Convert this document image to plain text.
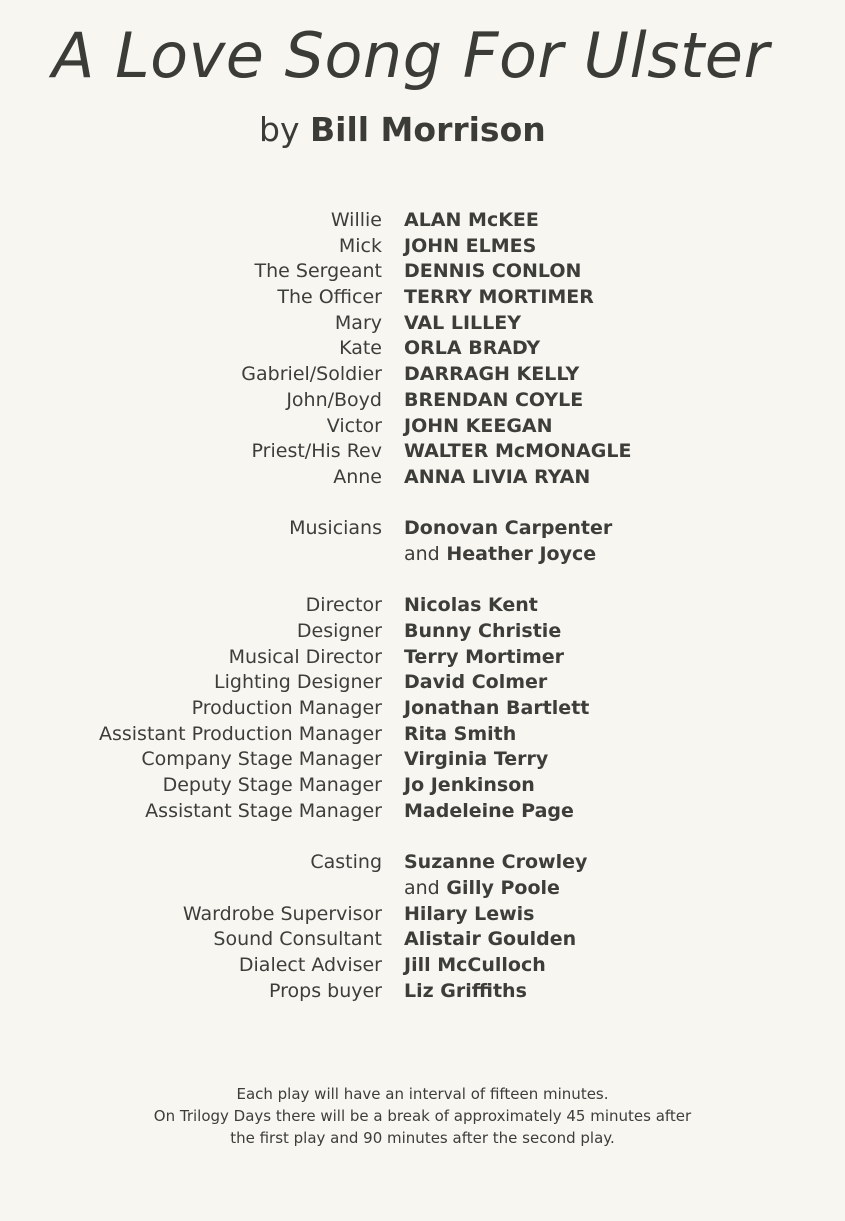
A Love Song For Ulster
by Bill Morrison
Willie ALAN McKEE
Mick JOHN ELMES
The Sergeant DENNIS CONLON
The Officer TERRY MORTIMER
Mary VAL LILLEY
Kate ORLA BRADY
Gabriel/Soldier DARRAGH KELLY
John/Boyd BRENDAN COYLE
Victor JOHN KEEGAN
Priest/His Rev WALTER McMONAGLE
Anne ANNA LIVIA RYAN
Musicians Donovan Carpenter
and Heather Joyce
Director Nicolas Kent
Designer Bunny Christie
Musical Director Terry Mortimer
Lighting Designer David Colmer
Production Manager Jonathan Bartlett
Assistant Production Manager Rita Smith
Company Stage Manager Virginia Terry
Deputy Stage Manager Jo Jenkinson
Assistant Stage Manager Madeleine Page
Casting Suzanne Crowley
and Gilly Poole
Wardrobe Supervisor Hilary Lewis
Sound Consultant Alistair Goulden
Dialect Adviser Jill McCulloch
Props buyer Liz Griffiths
Each play will have an interval of fifteen minutes.
On Trilogy Days there will be a break of approximately 45 minutes after
the first play and 90 minutes after the second play.
